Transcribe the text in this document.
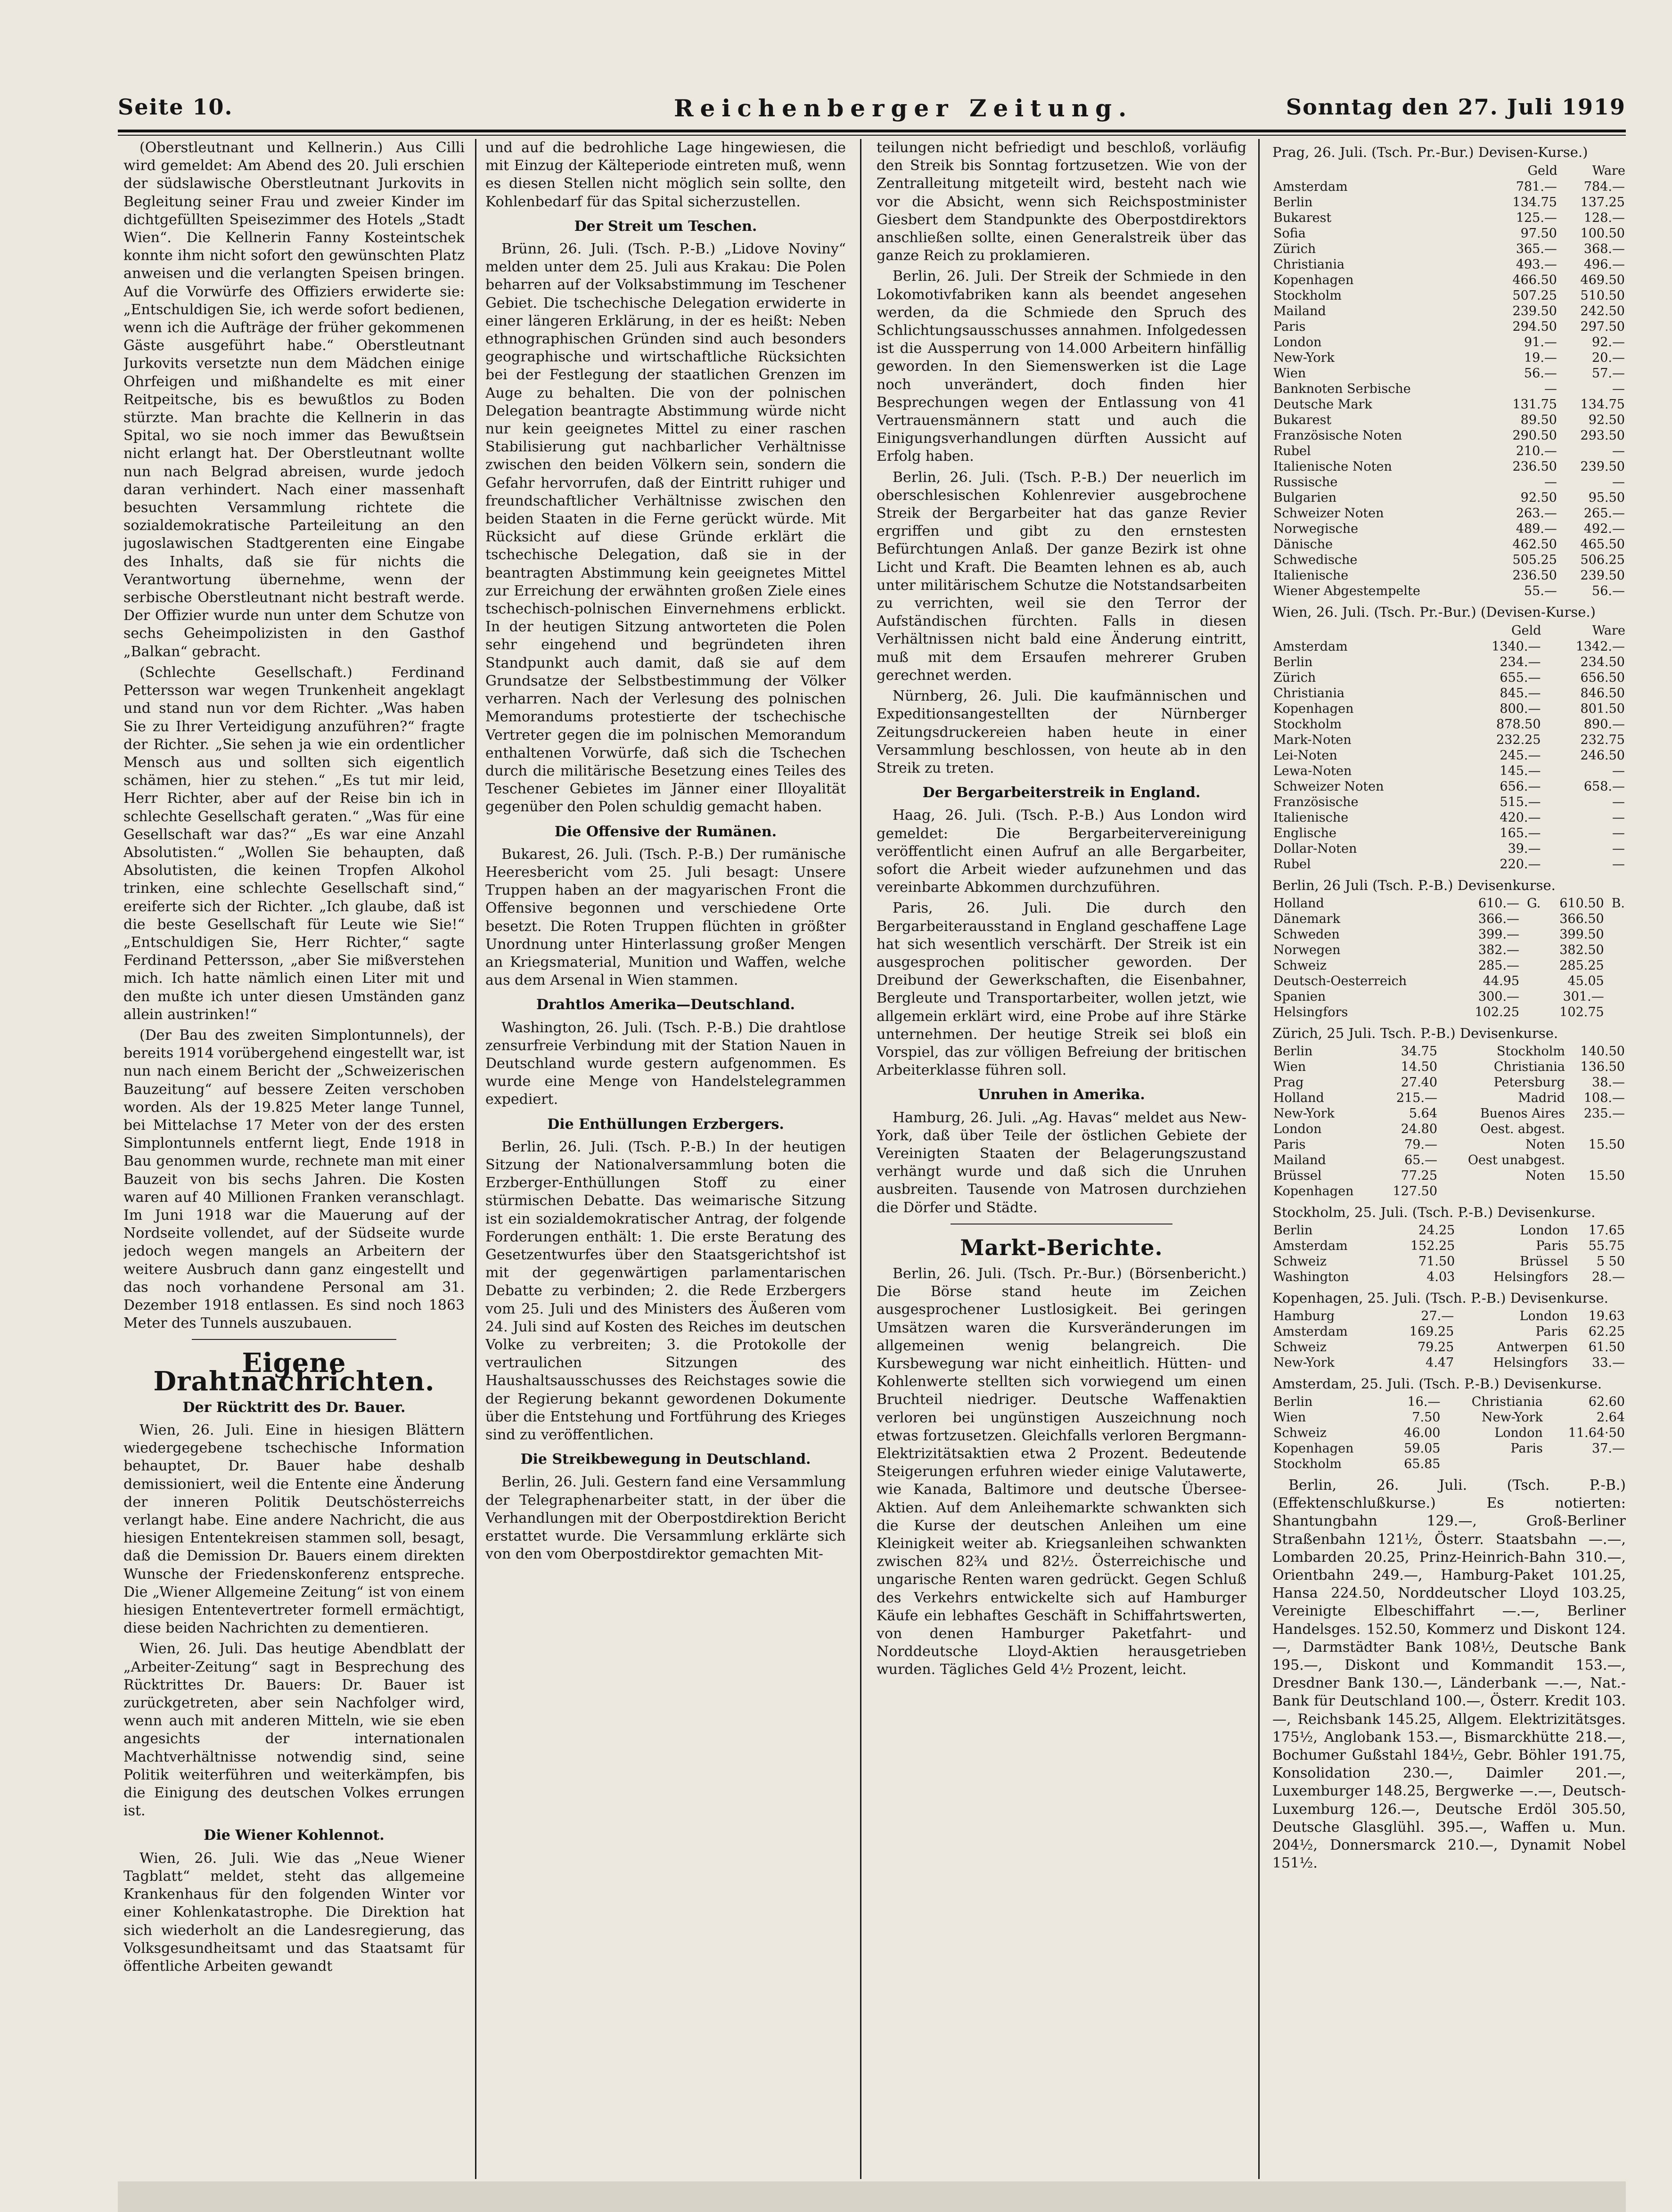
Seite 10.	Reichenberger Zeitung.	Sonntag den 27. Juli 1919

(Oberstleutnant und Kellnerin.) Aus Cilli wird gemeldet: Am Abend des 20. Juli erschien der südslawische Oberstleutnant Jurkovits in Begleitung seiner Frau und zweier Kinder im dichtgefüllten Speisezimmer des Hotels „Stadt Wien“. Die Kellnerin Fanny Kosteintschek konnte ihm nicht sofort den gewünschten Platz anweisen und die verlangten Speisen bringen. Auf die Vorwürfe des Offiziers erwiderte sie: „Entschuldigen Sie, ich werde sofort bedienen, wenn ich die Aufträge der früher gekommenen Gäste ausgeführt habe.“ Oberstleutnant Jurkovits versetzte nun dem Mädchen einige Ohrfeigen und mißhandelte es mit einer Reitpeitsche, bis es bewußtlos zu Boden stürzte. Man brachte die Kellnerin in das Spital, wo sie noch immer das Bewußtsein nicht erlangt hat. Der Oberstleutnant wollte nun nach Belgrad abreisen, wurde jedoch daran verhindert. Nach einer massenhaft besuchten Versammlung richtete die sozialdemokratische Parteileitung an den jugoslawischen Stadtgerenten eine Eingabe des Inhalts, daß sie für nichts die Verantwortung übernehme, wenn der serbische Oberstleutnant nicht bestraft werde. Der Offizier wurde nun unter dem Schutze von sechs Geheimpolizisten in den Gasthof „Balkan“ gebracht.

(Schlechte Gesellschaft.) Ferdinand Pettersson war wegen Trunkenheit angeklagt und stand nun vor dem Richter. „Was haben Sie zu Ihrer Verteidigung anzuführen?“ fragte der Richter. „Sie sehen ja wie ein ordentlicher Mensch aus und sollten sich eigentlich schämen, hier zu stehen.“ „Es tut mir leid, Herr Richter, aber auf der Reise bin ich in schlechte Gesellschaft geraten.“ „Was für eine Gesellschaft war das?“ „Es war eine Anzahl Absolutisten.“ „Wollen Sie behaupten, daß Absolutisten, die keinen Tropfen Alkohol trinken, eine schlechte Gesellschaft sind,“ ereiferte sich der Richter. „Ich glaube, daß ist die beste Gesellschaft für Leute wie Sie!“ „Entschuldigen Sie, Herr Richter,“ sagte Ferdinand Pettersson, „aber Sie mißverstehen mich. Ich hatte nämlich einen Liter mit und den mußte ich unter diesen Umständen ganz allein austrinken!“

(Der Bau des zweiten Simplontunnels), der bereits 1914 vorübergehend eingestellt war, ist nun nach einem Bericht der „Schweizerischen Bauzeitung“ auf bessere Zeiten verschoben worden. Als der 19.825 Meter lange Tunnel, bei Mittelachse 17 Meter von der des ersten Simplontunnels entfernt liegt, Ende 1918 in Bau genommen wurde, rechnete man mit einer Bauzeit von bis sechs Jahren. Die Kosten waren auf 40 Millionen Franken veranschlagt. Im Juni 1918 war die Mauerung auf der Nordseite vollendet, auf der Südseite wurde jedoch wegen mangels an Arbeitern der weitere Ausbruch dann ganz eingestellt und das noch vorhandene Personal am 31. Dezember 1918 entlassen. Es sind noch 1863 Meter des Tunnels auszubauen.

Eigene Drahtnachrichten.
Der Rücktritt des Dr. Bauer.

Wien, 26. Juli. Eine in hiesigen Blättern wiedergegebene tschechische Information behauptet, Dr. Bauer habe deshalb demissioniert, weil die Entente eine Änderung der inneren Politik Deutschösterreichs verlangt habe. Eine andere Nachricht, die aus hiesigen Ententekreisen stammen soll, besagt, daß die Demission Dr. Bauers einem direkten Wunsche der Friedenskonferenz entspreche. Die „Wiener Allgemeine Zeitung“ ist von einem hiesigen Ententevertreter formell ermächtigt, diese beiden Nachrichten zu dementieren.

Wien, 26. Juli. Das heutige Abendblatt der „Arbeiter-Zeitung“ sagt in Besprechung des Rücktrittes Dr. Bauers: Dr. Bauer ist zurückgetreten, aber sein Nachfolger wird, wenn auch mit anderen Mitteln, wie sie eben angesichts der internationalen Machtverhältnisse notwendig sind, seine Politik weiterführen und weiterkämpfen, bis die Einigung des deutschen Volkes errungen ist.

Die Wiener Kohlennot.

Wien, 26. Juli. Wie das „Neue Wiener Tagblatt“ meldet, steht das allgemeine Krankenhaus für den folgenden Winter vor einer Kohlenkatastrophe. Die Direktion hat sich wiederholt an die Landesregierung, das Volksgesundheitsamt und das Staatsamt für öffentliche Arbeiten gewandt

und auf die bedrohliche Lage hingewiesen, die mit Einzug der Kälteperiode eintreten muß, wenn es diesen Stellen nicht möglich sein sollte, den Kohlenbedarf für das Spital sicherzustellen.

Der Streit um Teschen.

Brünn, 26. Juli. (Tsch. P.-B.) „Lidove Noviny“ melden unter dem 25. Juli aus Krakau: Die Polen beharren auf der Volksabstimmung im Teschener Gebiet. Die tschechische Delegation erwiderte in einer längeren Erklärung, in der es heißt: Neben ethnographischen Gründen sind auch besonders geographische und wirtschaftliche Rücksichten bei der Festlegung der staatlichen Grenzen im Auge zu behalten. Die von der polnischen Delegation beantragte Abstimmung würde nicht nur kein geeignetes Mittel zu einer raschen Stabilisierung gut nachbarlicher Verhältnisse zwischen den beiden Völkern sein, sondern die Gefahr hervorrufen, daß der Eintritt ruhiger und freundschaftlicher Verhältnisse zwischen den beiden Staaten in die Ferne gerückt würde. Mit Rücksicht auf diese Gründe erklärt die tschechische Delegation, daß sie in der beantragten Abstimmung kein geeignetes Mittel zur Erreichung der erwähnten großen Ziele eines tschechisch-polnischen Einvernehmens erblickt. In der heutigen Sitzung antworteten die Polen sehr eingehend und begründeten ihren Standpunkt auch damit, daß sie auf dem Grundsatze der Selbstbestimmung der Völker verharren. Nach der Verlesung des polnischen Memorandums protestierte der tschechische Vertreter gegen die im polnischen Memorandum enthaltenen Vorwürfe, daß sich die Tschechen durch die militärische Besetzung eines Teiles des Teschener Gebietes im Jänner einer Illoyalität gegenüber den Polen schuldig gemacht haben.

Die Offensive der Rumänen.

Bukarest, 26. Juli. (Tsch. P.-B.) Der rumänische Heeresbericht vom 25. Juli besagt: Unsere Truppen haben an der magyarischen Front die Offensive begonnen und verschiedene Orte besetzt. Die Roten Truppen flüchten in größter Unordnung unter Hinterlassung großer Mengen an Kriegsmaterial, Munition und Waffen, welche aus dem Arsenal in Wien stammen.

Drahtlos Amerika—Deutschland.

Washington, 26. Juli. (Tsch. P.-B.) Die drahtlose zensurfreie Verbindung mit der Station Nauen in Deutschland wurde gestern aufgenommen. Es wurde eine Menge von Handelstelegrammen expediert.

Die Enthüllungen Erzbergers.

Berlin, 26. Juli. (Tsch. P.-B.) In der heutigen Sitzung der Nationalversammlung boten die Erzberger-Enthüllungen Stoff zu einer stürmischen Debatte. Das weimarische Sitzung ist ein sozialdemokratischer Antrag, der folgende Forderungen enthält: 1. Die erste Beratung des Gesetzentwurfes über den Staatsgerichtshof ist mit der gegenwärtigen parlamentarischen Debatte zu verbinden; 2. die Rede Erzbergers vom 25. Juli und des Ministers des Äußeren vom 24. Juli sind auf Kosten des Reiches im deutschen Volke zu verbreiten; 3. die Protokolle der vertraulichen Sitzungen des Haushaltsausschusses des Reichstages sowie die der Regierung bekannt gewordenen Dokumente über die Entstehung und Fortführung des Krieges sind zu veröffentlichen.

Die Streikbewegung in Deutschland.

Berlin, 26. Juli. Gestern fand eine Versammlung der Telegraphenarbeiter statt, in der über die Verhandlungen mit der Oberpostdirektion Bericht erstattet wurde. Die Versammlung erklärte sich von den vom Oberpostdirektor gemachten Mit-

teilungen nicht befriedigt und beschloß, vorläufig den Streik bis Sonntag fortzusetzen. Wie von der Zentralleitung mitgeteilt wird, besteht nach wie vor die Absicht, wenn sich Reichspostminister Giesbert dem Standpunkte des Oberpostdirektors anschließen sollte, einen Generalstreik über das ganze Reich zu proklamieren.

Berlin, 26. Juli. Der Streik der Schmiede in den Lokomotivfabriken kann als beendet angesehen werden, da die Schmiede den Spruch des Schlichtungsausschusses annahmen. Infolgedessen ist die Aussperrung von 14.000 Arbeitern hinfällig geworden. In den Siemenswerken ist die Lage noch unverändert, doch finden hier Besprechungen wegen der Entlassung von 41 Vertrauensmännern statt und auch die Einigungsverhandlungen dürften Aussicht auf Erfolg haben.

Berlin, 26. Juli. (Tsch. P.-B.) Der neuerlich im oberschlesischen Kohlenrevier ausgebrochene Streik der Bergarbeiter hat das ganze Revier ergriffen und gibt zu den ernstesten Befürchtungen Anlaß. Der ganze Bezirk ist ohne Licht und Kraft. Die Beamten lehnen es ab, auch unter militärischem Schutze die Notstandsarbeiten zu verrichten, weil sie den Terror der Aufständischen fürchten. Falls in diesen Verhältnissen nicht bald eine Änderung eintritt, muß mit dem Ersaufen mehrerer Gruben gerechnet werden.

Nürnberg, 26. Juli. Die kaufmännischen und Expeditionsangestellten der Nürnberger Zeitungsdruckereien haben heute in einer Versammlung beschlossen, von heute ab in den Streik zu treten.

Der Bergarbeiterstreik in England.

Haag, 26. Juli. (Tsch. P.-B.) Aus London wird gemeldet: Die Bergarbeitervereinigung veröffentlicht einen Aufruf an alle Bergarbeiter, sofort die Arbeit wieder aufzunehmen und das vereinbarte Abkommen durchzuführen.

Paris, 26. Juli. Die durch den Bergarbeiterausstand in England geschaffene Lage hat sich wesentlich verschärft. Der Streik ist ein ausgesprochen politischer geworden. Der Dreibund der Gewerkschaften, die Eisenbahner, Bergleute und Transportarbeiter, wollen jetzt, wie allgemein erklärt wird, eine Probe auf ihre Stärke unternehmen. Der heutige Streik sei bloß ein Vorspiel, das zur völligen Befreiung der britischen Arbeiterklasse führen soll.

Unruhen in Amerika.

Hamburg, 26. Juli. „Ag. Havas“ meldet aus New-York, daß über Teile der östlichen Gebiete der Vereinigten Staaten der Belagerungszustand verhängt wurde und daß sich die Unruhen ausbreiten. Tausende von Matrosen durchziehen die Dörfer und Städte.

Markt-Berichte.

Berlin, 26. Juli. (Tsch. Pr.-Bur.) (Börsenbericht.) Die Börse stand heute im Zeichen ausgesprochener Lustlosigkeit. Bei geringen Umsätzen waren die Kursveränderungen im allgemeinen wenig belangreich. Die Kursbewegung war nicht einheitlich. Hütten- und Kohlenwerte stellten sich vorwiegend um einen Bruchteil niedriger. Deutsche Waffenaktien verloren bei ungünstigen Auszeichnung noch etwas fortzusetzen. Gleichfalls verloren Bergmann-Elektrizitätsaktien etwa 2 Prozent. Bedeutende Steigerungen erfuhren wieder einige Valutawerte, wie Kanada, Baltimore und deutsche Übersee-Aktien. Auf dem Anleihemarkte schwankten sich die Kurse der deutschen Anleihen um eine Kleinigkeit weiter ab. Kriegsanleihen schwankten zwischen 82¾ und 82½. Österreichische und ungarische Renten waren gedrückt. Gegen Schluß des Verkehrs entwickelte sich auf Hamburger Käufe ein lebhaftes Geschäft in Schiffahrtswerten, von denen Hamburger Paketfahrt- und Norddeutsche Lloyd-Aktien herausgetrieben wurden. Tägliches Geld 4½ Prozent, leicht.

Prag, 26. Juli. (Tsch. Pr.-Bur.) Devisen-Kurse.)

	Geld	Ware
Amsterdam	781.—	784.—
Berlin	134.75	137.25
Bukarest	125.—	128.—
Sofia	97.50	100.50
Zürich	365.—	368.—
Christiania	493.—	496.—
Kopenhagen	466.50	469.50
Stockholm	507.25	510.50
Mailand	239.50	242.50
Paris	294.50	297.50
London	91.—	92.—
New-York	19.—	20.—
Wien	56.—	57.—
Banknoten Serbische	—	—
Deutsche Mark	131.75	134.75
Bukarest	89.50	92.50
Französische Noten	290.50	293.50
Rubel	210.—	—
Italienische Noten	236.50	239.50
Russische	—	—
Bulgarien	92.50	95.50
Schweizer Noten	263.—	265.—
Norwegische	489.—	492.—
Dänische	462.50	465.50
Schwedische	505.25	506.25
Italienische	236.50	239.50
Wiener Abgestempelte	55.—	56.—

Wien, 26. Juli. (Tsch. Pr.-Bur.) (Devisen-Kurse.)

	Geld	Ware
Amsterdam	1340.—	1342.—
Berlin	234.—	234.50
Zürich	655.—	656.50
Christiania	845.—	846.50
Kopenhagen	800.—	801.50
Stockholm	878.50	890.—
Mark-Noten	232.25	232.75
Lei-Noten	245.—	246.50
Lewa-Noten	145.—	—
Schweizer Noten	656.—	658.—
Französische	515.—	—
Italienische	420.—	—
Englische	165.—	—
Dollar-Noten	39.—	—
Rubel	220.—	—

Berlin, 26 Juli (Tsch. P.-B.) Devisenkurse.

Holland	610.—	G.	610.50	B.
Dänemark	366.—		366.50	
Schweden	399.—		399.50	
Norwegen	382.—		382.50	
Schweiz	285.—		285.25	
Deutsch-Oesterreich	44.95		45.05	
Spanien	300.—		301.—	
Helsingfors	102.25		102.75	

Zürich, 25 Juli. Tsch. P.-B.) Devisenkurse.

Berlin	34.75	Stockholm	140.50
Wien	14.50	Christiania	136.50
Prag	27.40	Petersburg	38.—
Holland	215.—	Madrid	108.—
New-York	5.64	Buenos Aires	235.—
London	24.80	Oest. abgest.	
Paris	79.—	Noten	15.50
Mailand	65.—	Oest unabgest.	
Brüssel	77.25	Noten	15.50
Kopenhagen	127.50		

Stockholm, 25. Juli. (Tsch. P.-B.) Devisenkurse.

Berlin	24.25	London	17.65
Amsterdam	152.25	Paris	55.75
Schweiz	71.50	Brüssel	5 50
Washington	4.03	Helsingfors	28.—

Kopenhagen, 25. Juli. (Tsch. P.-B.) Devisenkurse.

Hamburg	27.—	London	19.63
Amsterdam	169.25	Paris	62.25
Schweiz	79.25	Antwerpen	61.50
New-York	4.47	Helsingfors	33.—

Amsterdam, 25. Juli. (Tsch. P.-B.) Devisenkurse.

Berlin	16.—	Christiania	62.60
Wien	7.50	New-York	2.64
Schweiz	46.00	London	11.64·50
Kopenhagen	59.05	Paris	37.—
Stockholm	65.85		

Berlin, 26. Juli. (Tsch. P.-B.) (Effektenschlußkurse.) Es notierten: Shantungbahn 129.—, Groß-Berliner Straßenbahn 121½, Österr. Staatsbahn —.—, Lombarden 20.25, Prinz-Heinrich-Bahn 310.—, Orientbahn 249.—, Hamburg-Paket 101.25, Hansa 224.50, Norddeutscher Lloyd 103.25, Vereinigte Elbeschiffahrt —.—, Berliner Handelsges. 152.50, Kommerz und Diskont 124.—, Darmstädter Bank 108½, Deutsche Bank 195.—, Diskont und Kommandit 153.—, Dresdner Bank 130.—, Länderbank —.—, Nat.-Bank für Deutschland 100.—, Österr. Kredit 103.—, Reichsbank 145.25, Allgem. Elektrizitätsges. 175½, Anglobank 153.—, Bismarckhütte 218.—, Bochumer Gußstahl 184½, Gebr. Böhler 191.75, Konsolidation 230.—, Daimler 201.—, Luxemburger 148.25, Bergwerke —.—, Deutsch-Luxemburg 126.—, Deutsche Erdöl 305.50, Deutsche Glasglühl. 395.—, Waffen u. Mun. 204½, Donnersmarck 210.—, Dynamit Nobel 151½.
